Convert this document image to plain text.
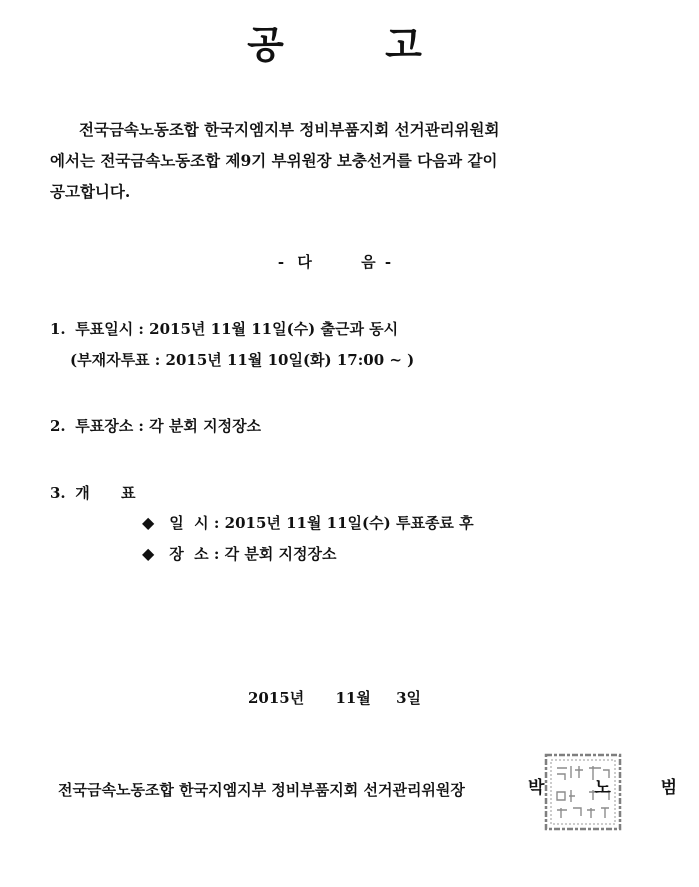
공 고

전국금속노동조합 한국지엠지부 정비부품지회 선거관리위원회

에서는 전국금속노동조합 제9기 부위원장 보충선거를 다음과 같이

공고합니다.

- 다	음 -
1. 투표일시 : 2015년 11월 11일(수) 출근과 동시
(부재자투표 : 2015년 11월 10일(화) 17:00 ~ )
2. 투표장소 : 각 분회 지정장소
3. 개      표
◆ 일  시 : 2015년 11월 11일(수) 투표종료 후
◆ 장  소 : 각 분회 지정장소
2015년 11월 3일
전국금속노동조합 한국지엠지부 정비부품지회 선거관리위원장	박 노 범
